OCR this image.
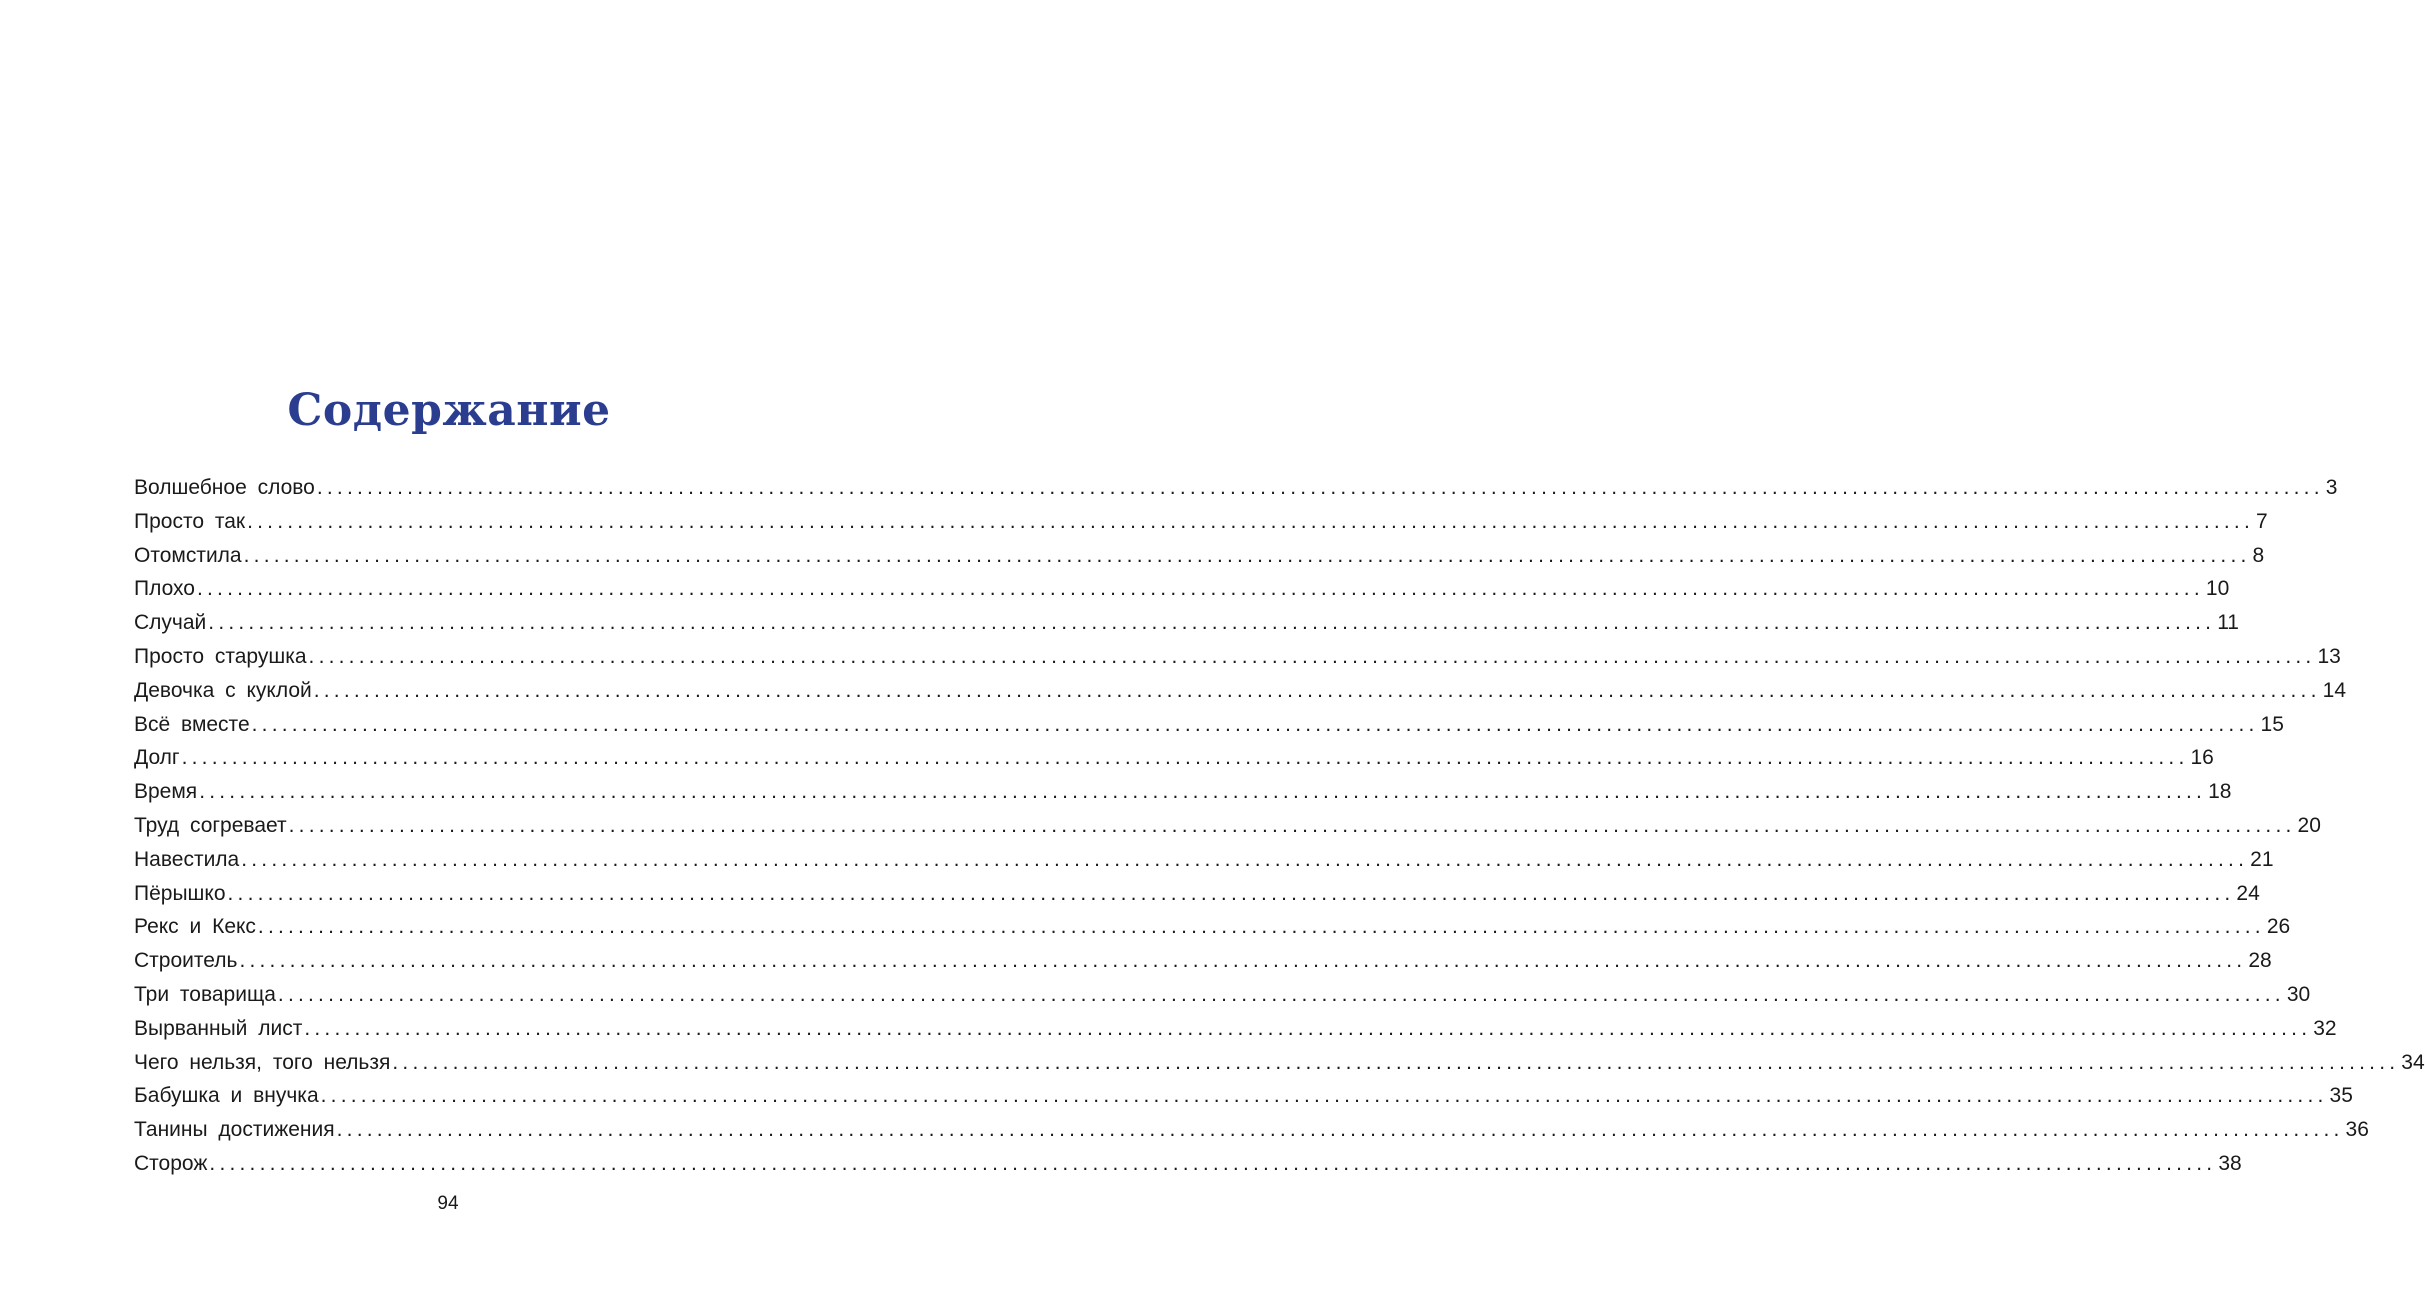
Содержание
Волшебное слово ........................................................................................................................................................................................................ 3
Просто так ........................................................................................................................................................................................................ 7
Отомстила ........................................................................................................................................................................................................ 8
Плохо ........................................................................................................................................................................................................ 10
Случай ........................................................................................................................................................................................................ 11
Просто старушка ........................................................................................................................................................................................................ 13
Девочка с куклой ........................................................................................................................................................................................................ 14
Всё вместе ........................................................................................................................................................................................................ 15
Долг ........................................................................................................................................................................................................ 16
Время ........................................................................................................................................................................................................ 18
Труд согревает ........................................................................................................................................................................................................ 20
Навестила ........................................................................................................................................................................................................ 21
Пёрышко ........................................................................................................................................................................................................ 24
Рекс и Кекс ........................................................................................................................................................................................................ 26
Строитель ........................................................................................................................................................................................................ 28
Три товарища ........................................................................................................................................................................................................ 30
Вырванный лист ........................................................................................................................................................................................................ 32
Чего нельзя, того нельзя ........................................................................................................................................................................................................ 34
Бабушка и внучка ........................................................................................................................................................................................................ 35
Танины достижения ........................................................................................................................................................................................................ 36
Сторож ........................................................................................................................................................................................................ 38
94
